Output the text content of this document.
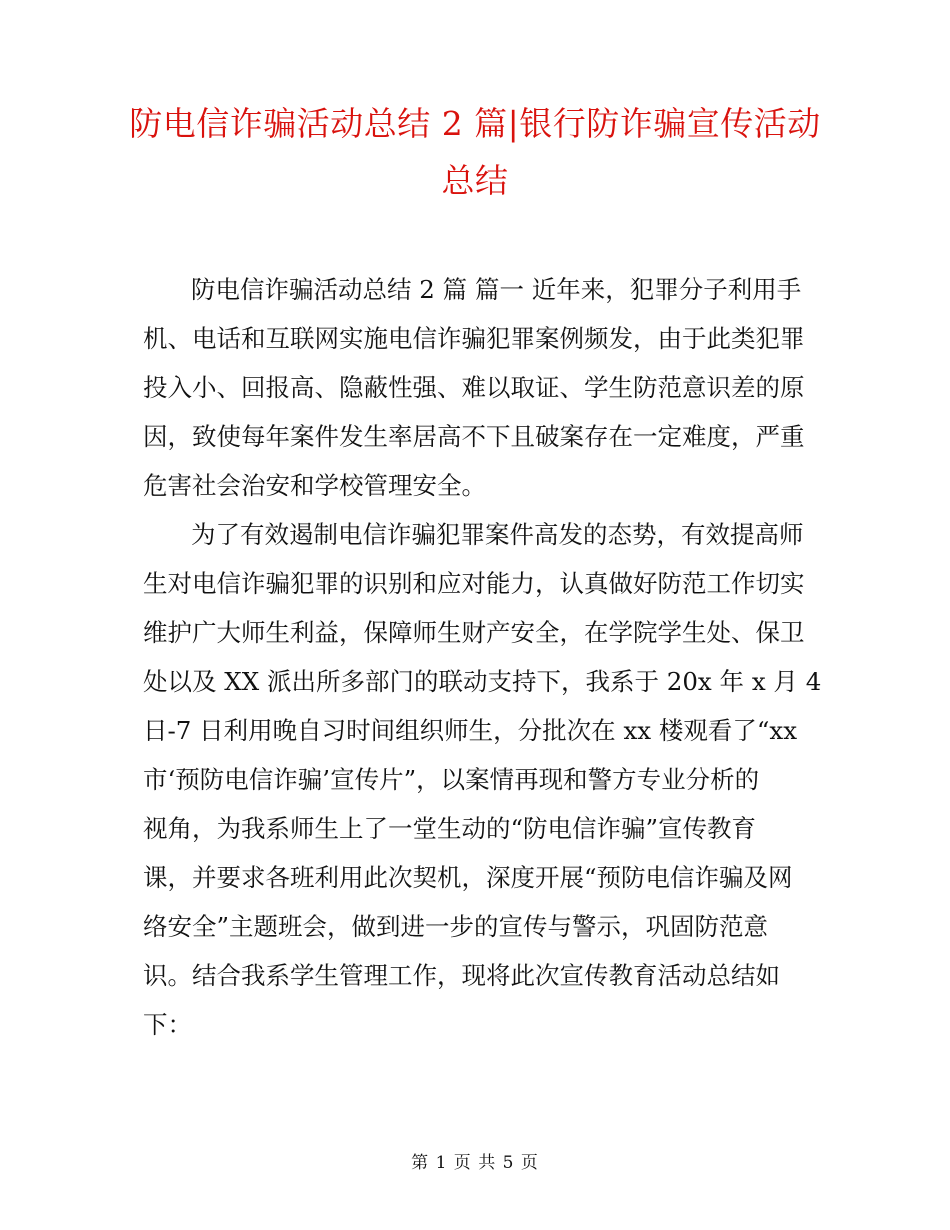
防电信诈骗活动总结 2 篇|银行防诈骗宣传活动
总结
防电信诈骗活动总结 2 篇 篇一 近年来，犯罪分子利用手
机、电话和互联网实施电信诈骗犯罪案例频发，由于此类犯罪
投入小、回报高、隐蔽性强、难以取证、学生防范意识差的原
因，致使每年案件发生率居高不下且破案存在一定难度，严重
危害社会治安和学校管理安全。
为了有效遏制电信诈骗犯罪案件高发的态势，有效提高师
生对电信诈骗犯罪的识别和应对能力，认真做好防范工作切实
维护广大师生利益，保障师生财产安全，在学院学生处、保卫
处以及 XX 派出所多部门的联动支持下，我系于 20x 年 x 月 4
日-7 日利用晚自习时间组织师生，分批次在 xx 楼观看了“xx
市‘预防电信诈骗’宣传片”，以案情再现和警方专业分析的
视角，为我系师生上了一堂生动的“防电信诈骗”宣传教育
课，并要求各班利用此次契机，深度开展“预防电信诈骗及网
络安全”主题班会，做到进一步的宣传与警示，巩固防范意
识。结合我系学生管理工作，现将此次宣传教育活动总结如
下：
第 1 页 共 5 页
